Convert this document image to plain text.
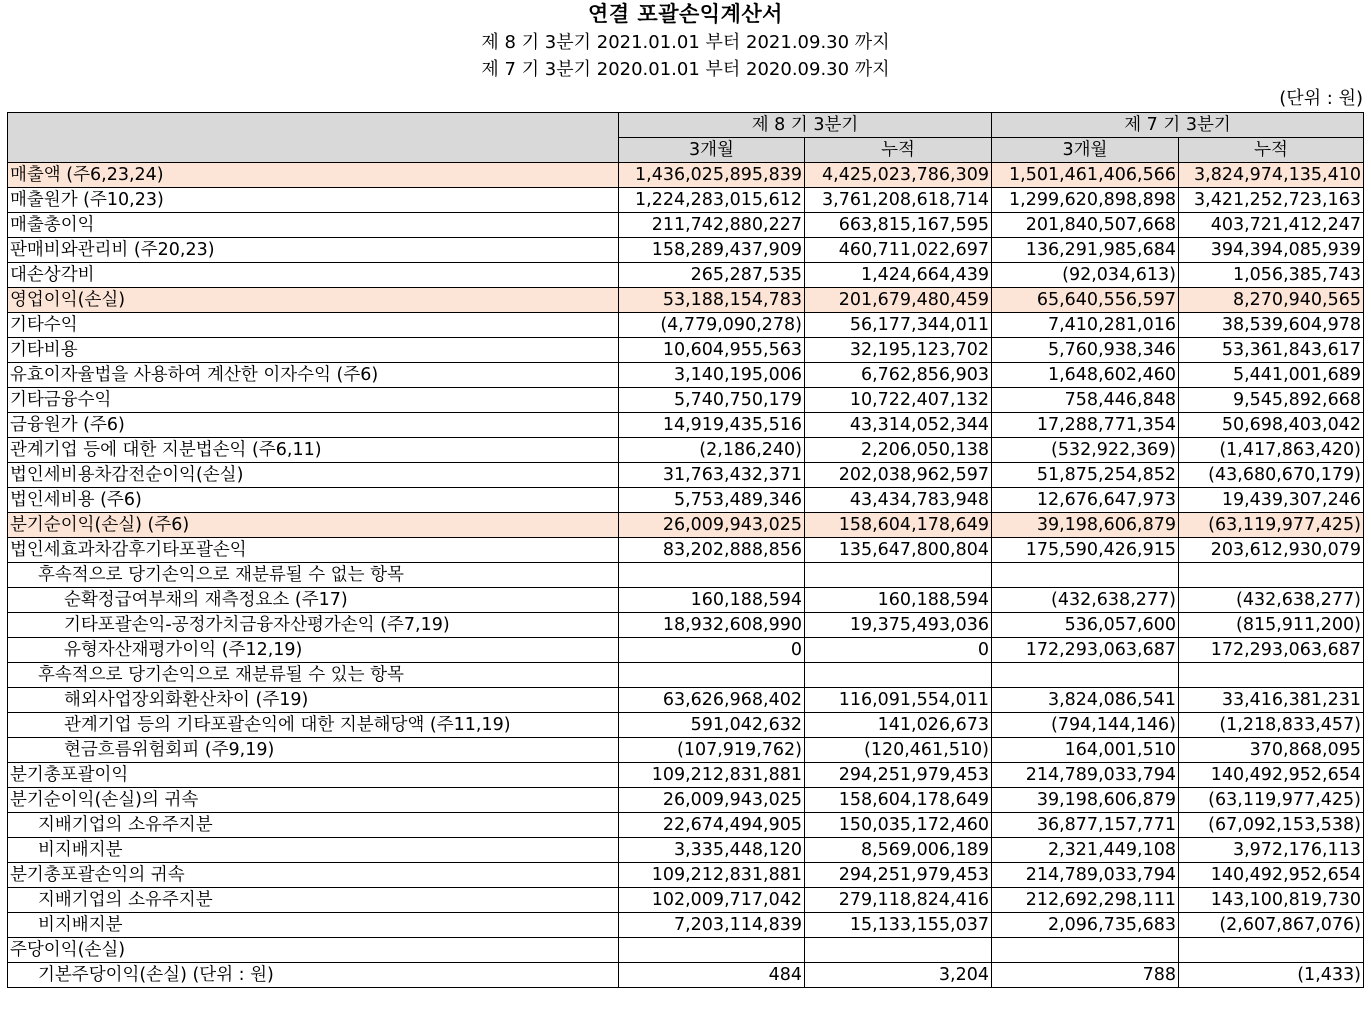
연결 포괄손익계산서
제 8 기 3분기 2021.01.01 부터 2021.09.30 까지
제 7 기 3분기 2020.01.01 부터 2020.09.30 까지
(단위 : 원)
	제 8 기 3분기		제 7 기 3분기	
	3개월	누적	3개월	누적
매출액 (주6,23,24)	1,436,025,895,839	4,425,023,786,309	1,501,461,406,566	3,824,974,135,410
매출원가 (주10,23)	1,224,283,015,612	3,761,208,618,714	1,299,620,898,898	3,421,252,723,163
매출총이익	211,742,880,227	663,815,167,595	201,840,507,668	403,721,412,247
판매비와관리비 (주20,23)	158,289,437,909	460,711,022,697	136,291,985,684	394,394,085,939
대손상각비	265,287,535	1,424,664,439	(92,034,613)	1,056,385,743
영업이익(손실)	53,188,154,783	201,679,480,459	65,640,556,597	8,270,940,565
기타수익	(4,779,090,278)	56,177,344,011	7,410,281,016	38,539,604,978
기타비용	10,604,955,563	32,195,123,702	5,760,938,346	53,361,843,617
유효이자율법을 사용하여 계산한 이자수익 (주6)	3,140,195,006	6,762,856,903	1,648,602,460	5,441,001,689
기타금융수익	5,740,750,179	10,722,407,132	758,446,848	9,545,892,668
금융원가 (주6)	14,919,435,516	43,314,052,344	17,288,771,354	50,698,403,042
관계기업 등에 대한 지분법손익 (주6,11)	(2,186,240)	2,206,050,138	(532,922,369)	(1,417,863,420)
법인세비용차감전순이익(손실)	31,763,432,371	202,038,962,597	51,875,254,852	(43,680,670,179)
법인세비용 (주6)	5,753,489,346	43,434,783,948	12,676,647,973	19,439,307,246
분기순이익(손실) (주6)	26,009,943,025	158,604,178,649	39,198,606,879	(63,119,977,425)
법인세효과차감후기타포괄손익	83,202,888,856	135,647,800,804	175,590,426,915	203,612,930,079
후속적으로 당기손익으로 재분류될 수 없는 항목				
순확정급여부채의 재측정요소 (주17)	160,188,594	160,188,594	(432,638,277)	(432,638,277)
기타포괄손익-공정가치금융자산평가손익 (주7,19)	18,932,608,990	19,375,493,036	536,057,600	(815,911,200)
유형자산재평가이익 (주12,19)	0	0	172,293,063,687	172,293,063,687
후속적으로 당기손익으로 재분류될 수 있는 항목				
해외사업장외화환산차이 (주19)	63,626,968,402	116,091,554,011	3,824,086,541	33,416,381,231
관계기업 등의 기타포괄손익에 대한 지분해당액 (주11,19)	591,042,632	141,026,673	(794,144,146)	(1,218,833,457)
현금흐름위험회피 (주9,19)	(107,919,762)	(120,461,510)	164,001,510	370,868,095
분기총포괄이익	109,212,831,881	294,251,979,453	214,789,033,794	140,492,952,654
분기순이익(손실)의 귀속	26,009,943,025	158,604,178,649	39,198,606,879	(63,119,977,425)
지배기업의 소유주지분	22,674,494,905	150,035,172,460	36,877,157,771	(67,092,153,538)
비지배지분	3,335,448,120	8,569,006,189	2,321,449,108	3,972,176,113
분기총포괄손익의 귀속	109,212,831,881	294,251,979,453	214,789,033,794	140,492,952,654
지배기업의 소유주지분	102,009,717,042	279,118,824,416	212,692,298,111	143,100,819,730
비지배지분	7,203,114,839	15,133,155,037	2,096,735,683	(2,607,867,076)
주당이익(손실)				
기본주당이익(손실) (단위 : 원)	484	3,204	788	(1,433)
